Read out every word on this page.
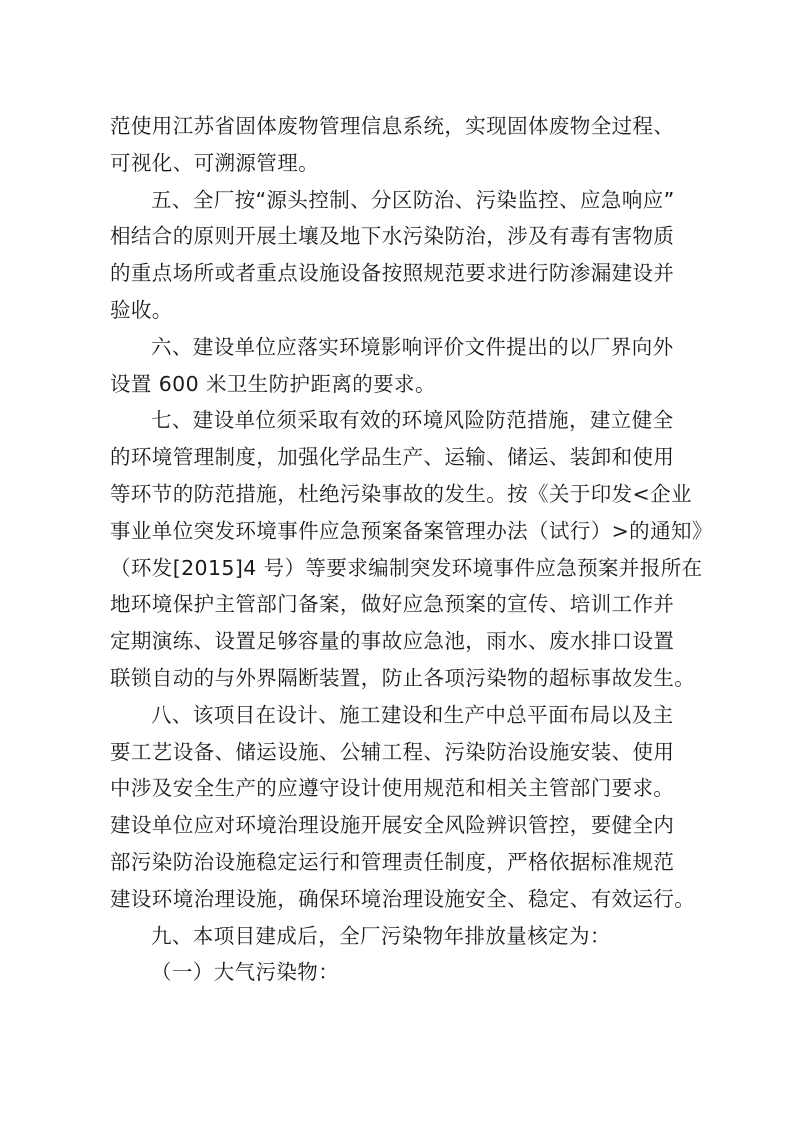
范使用江苏省固体废物管理信息系统，实现固体废物全过程、
可视化、可溯源管理。

五、全厂按“源头控制、分区防治、污染监控、应急响应”
相结合的原则开展土壤及地下水污染防治，涉及有毒有害物质
的重点场所或者重点设施设备按照规范要求进行防渗漏建设并
验收。

六、建设单位应落实环境影响评价文件提出的以厂界向外
设置 600 米卫生防护距离的要求。

七、建设单位须采取有效的环境风险防范措施，建立健全
的环境管理制度，加强化学品生产、运输、储运、装卸和使用
等环节的防范措施，杜绝污染事故的发生。按《关于印发<企业
事业单位突发环境事件应急预案备案管理办法（试行）>的通知》
（环发[2015]4 号）等要求编制突发环境事件应急预案并报所在
地环境保护主管部门备案，做好应急预案的宣传、培训工作并
定期演练、设置足够容量的事故应急池，雨水、废水排口设置
联锁自动的与外界隔断装置，防止各项污染物的超标事故发生。

八、该项目在设计、施工建设和生产中总平面布局以及主
要工艺设备、储运设施、公辅工程、污染防治设施安装、使用
中涉及安全生产的应遵守设计使用规范和相关主管部门要求。
建设单位应对环境治理设施开展安全风险辨识管控，要健全内
部污染防治设施稳定运行和管理责任制度，严格依据标准规范
建设环境治理设施，确保环境治理设施安全、稳定、有效运行。

九、本项目建成后，全厂污染物年排放量核定为：

（一）大气污染物：
